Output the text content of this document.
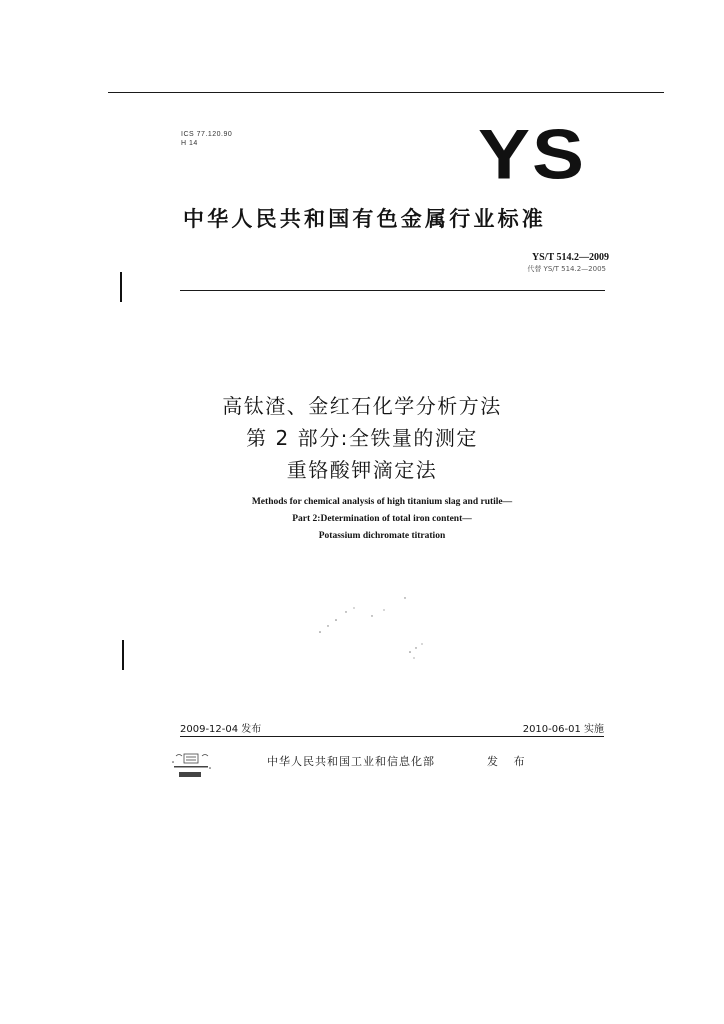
ICS 77.120.90
H 14	YS
中华人民共和国有色金属行业标准
YS/T 514.2—2009
代替 YS/T 514.2—2005
高钛渣、金红石化学分析方法
第 2 部分:全铁量的测定
重铬酸钾滴定法
Methods for chemical analysis of high titanium slag and rutile—
Part 2:Determination of total iron content—
Potassium dichromate titration
2009-12-04 发布	2010-06-01 实施
中华人民共和国工业和信息化部	发 布
